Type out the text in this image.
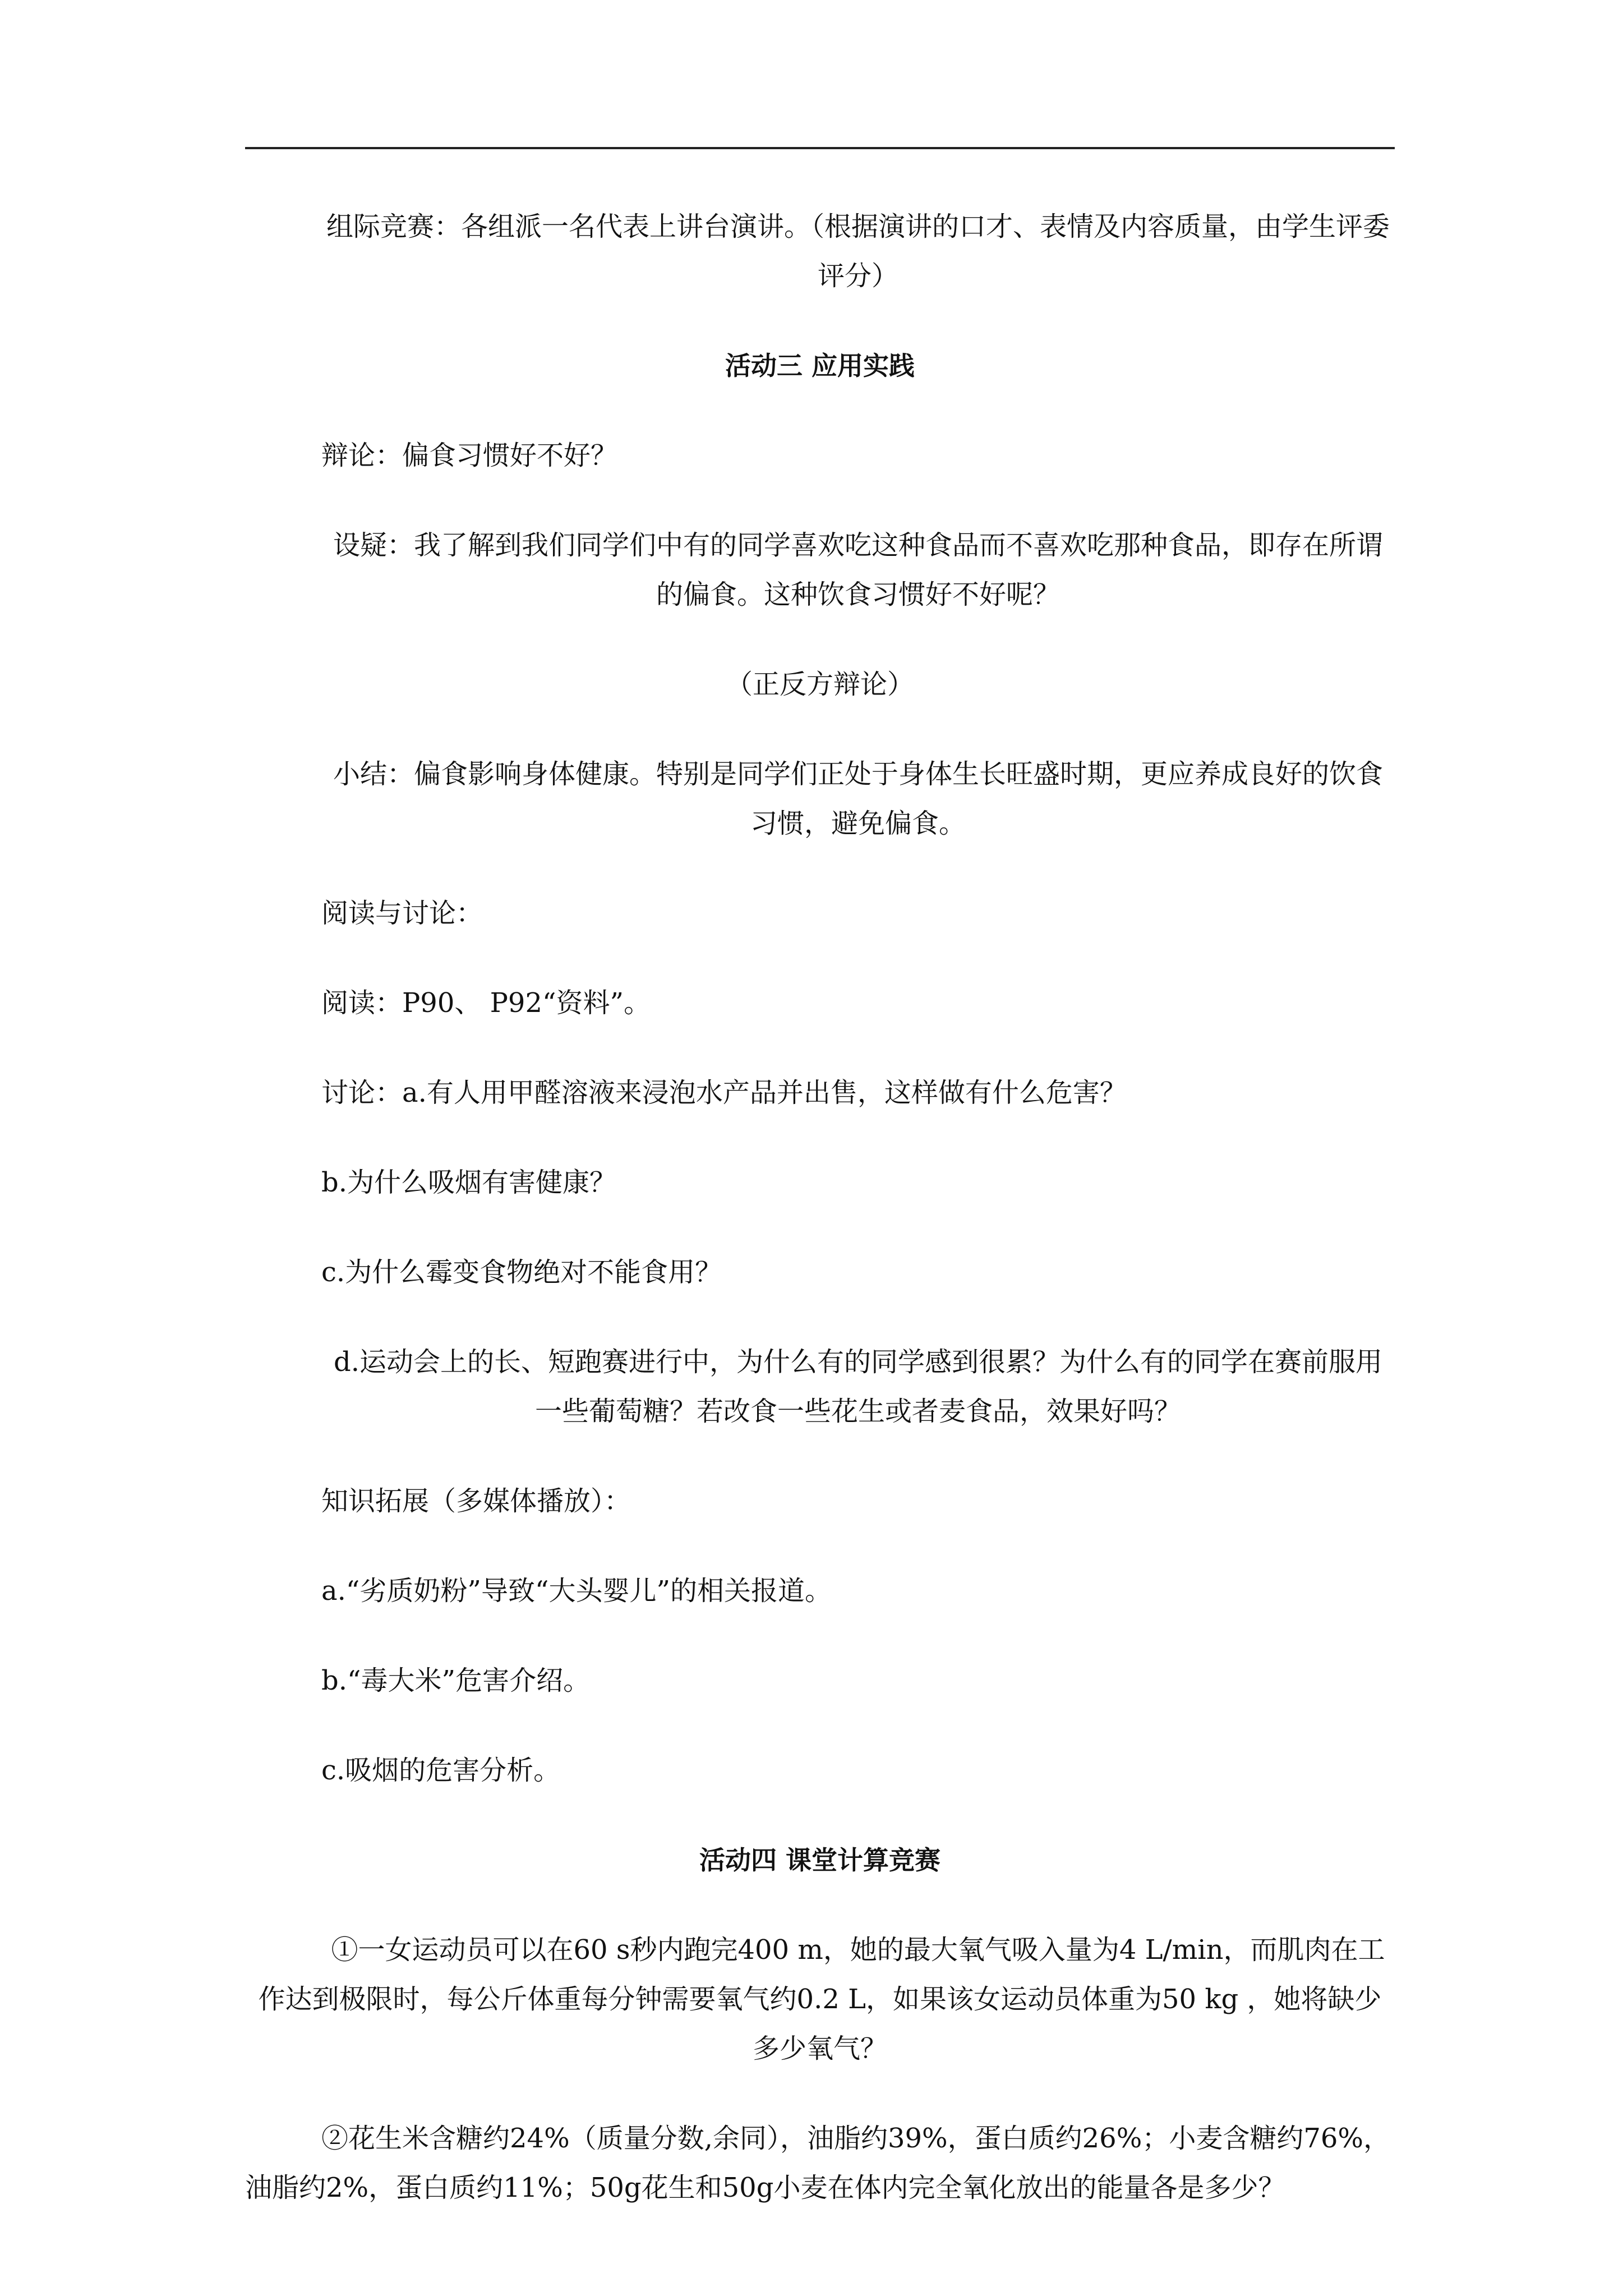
组际竞赛：各组派一名代表上讲台演讲。（根据演讲的口才、表情及内容质量，由学生评委评分）

活动三 应用实践

辩论：偏食习惯好不好？

设疑：我了解到我们同学们中有的同学喜欢吃这种食品而不喜欢吃那种食品，即存在所谓的偏食。这种饮食习惯好不好呢？

（正反方辩论）

小结：偏食影响身体健康。特别是同学们正处于身体生长旺盛时期，更应养成良好的饮食习惯，避免偏食。

阅读与讨论：

阅读：P90、 P92“资料”。

讨论：a.有人用甲醛溶液来浸泡水产品并出售，这样做有什么危害？

b.为什么吸烟有害健康？

c.为什么霉变食物绝对不能食用？

d.运动会上的长、短跑赛进行中，为什么有的同学感到很累？为什么有的同学在赛前服用一些葡萄糖？若改食一些花生或者麦食品，效果好吗？

知识拓展（多媒体播放）：

a.“劣质奶粉”导致“大头婴儿”的相关报道。

b.“毒大米”危害介绍。

c.吸烟的危害分析。

活动四 课堂计算竞赛

①一女运动员可以在60 s秒内跑完400 m，她的最大氧气吸入量为4 L/min，而肌肉在工作达到极限时，每公斤体重每分钟需要氧气约0.2 L，如果该女运动员体重为50 kg ，她将缺少多少氧气？

②花生米含糖约24%（质量分数,余同），油脂约39%，蛋白质约26%；小麦含糖约76%，油脂约2%，蛋白质约11%；50g花生和50g小麦在体内完全氧化放出的能量各是多少？
